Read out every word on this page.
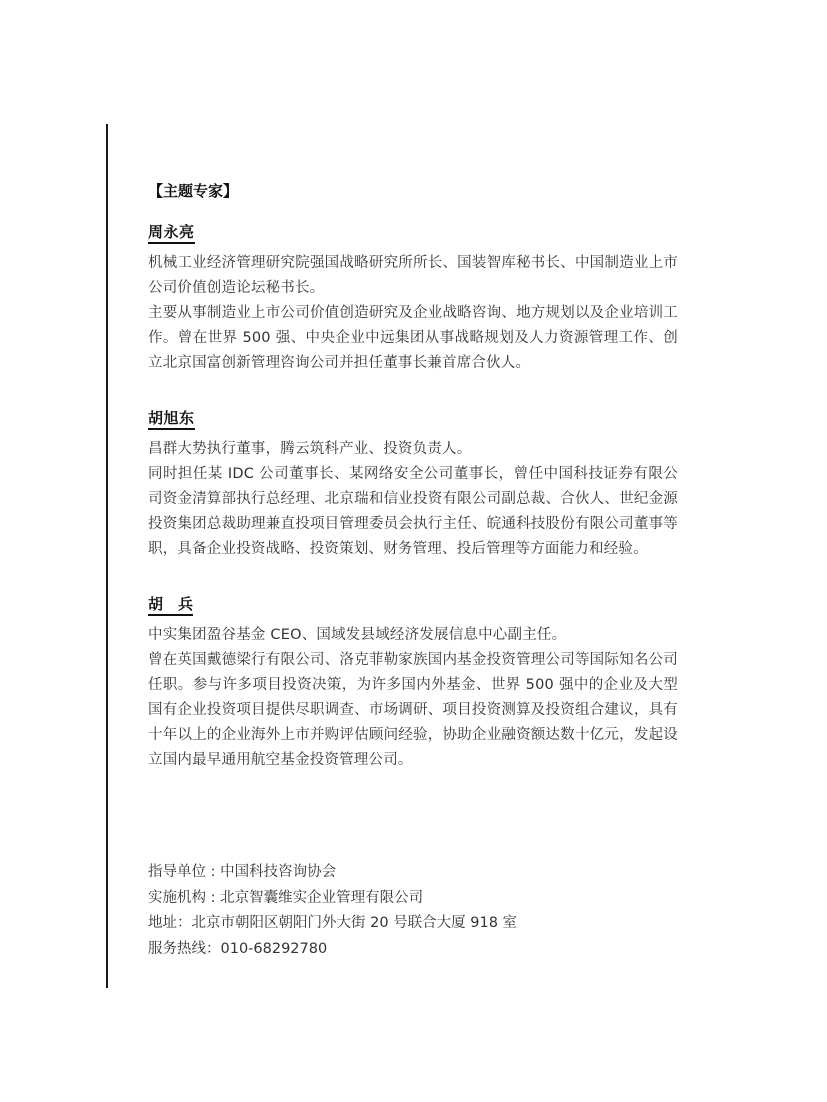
【主题专家】

周永亮

机械工业经济管理研究院强国战略研究所所长、国装智库秘书长、中国制造业上市公司价值创造论坛秘书长。

主要从事制造业上市公司价值创造研究及企业战略咨询、地方规划以及企业培训工作。曾在世界 500 强、中央企业中远集团从事战略规划及人力资源管理工作、创立北京国富创新管理咨询公司并担任董事长兼首席合伙人。

胡旭东

昌群大势执行董事，腾云筑科产业、投资负责人。

同时担任某 IDC 公司董事长、某网络安全公司董事长，曾任中国科技证券有限公司资金清算部执行总经理、北京瑞和信业投资有限公司副总裁、合伙人、世纪金源投资集团总裁助理兼直投项目管理委员会执行主任、皖通科技股份有限公司董事等职，具备企业投资战略、投资策划、财务管理、投后管理等方面能力和经验。

胡　兵

中实集团盈谷基金 CEO、国域发县域经济发展信息中心副主任。

曾在英国戴德梁行有限公司、洛克菲勒家族国内基金投资管理公司等国际知名公司任职。参与许多项目投资决策，为许多国内外基金、世界 500 强中的企业及大型国有企业投资项目提供尽职调查、市场调研、项目投资测算及投资组合建议，具有十年以上的企业海外上市并购评估顾问经验，协助企业融资额达数十亿元，发起设立国内最早通用航空基金投资管理公司。

指导单位 : 中国科技咨询协会

实施机构 : 北京智囊维实企业管理有限公司

地址：北京市朝阳区朝阳门外大街 20 号联合大厦 918 室

服务热线：010-68292780
